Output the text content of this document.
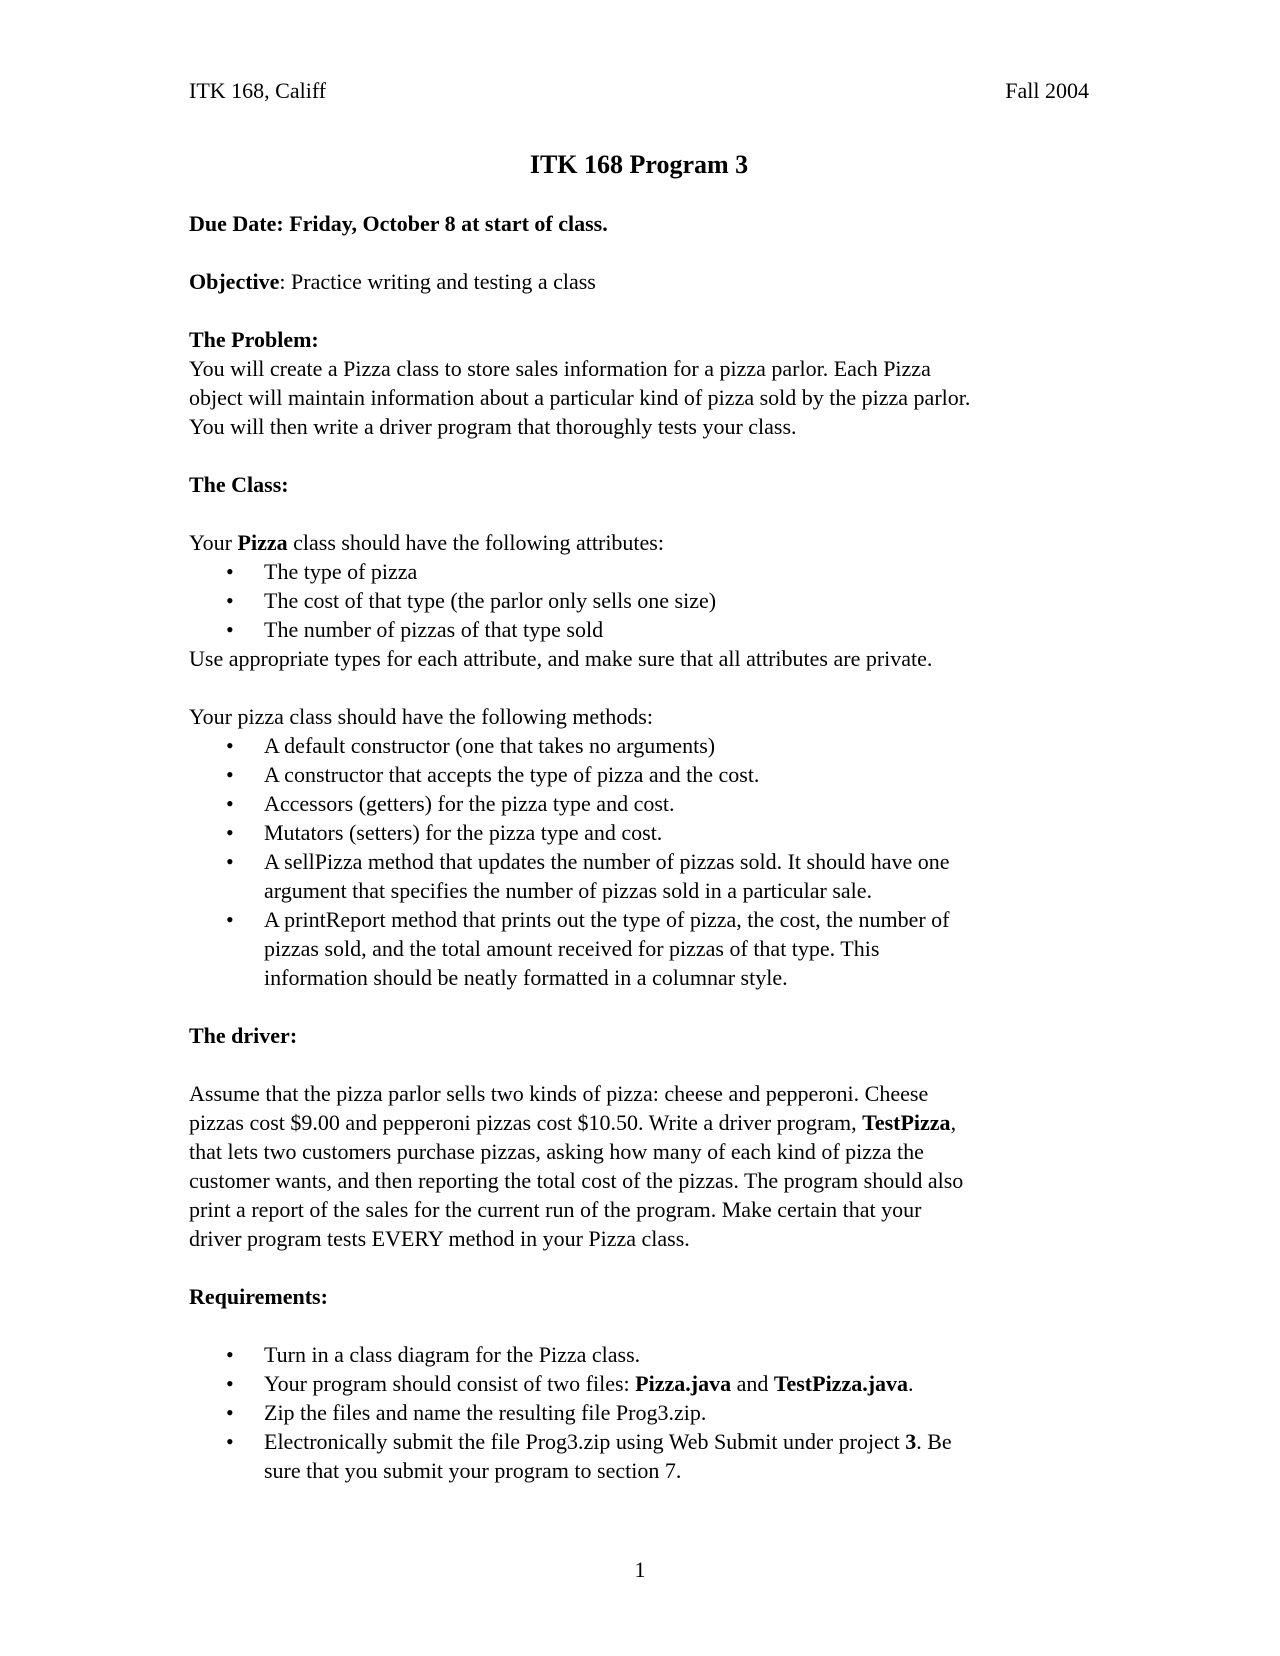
ITK 168, Califf	Fall 2004
ITK 168 Program 3

Due Date: Friday, October 8 at start of class.

Objective: Practice writing and testing a class

The Problem:

You will create a Pizza class to store sales information for a pizza parlor. Each Pizza

object will maintain information about a particular kind of pizza sold by the pizza parlor.

You will then write a driver program that thoroughly tests your class.

The Class:

Your Pizza class should have the following attributes:

• The type of pizza
• The cost of that type (the parlor only sells one size)
• The number of pizzas of that type sold

Use appropriate types for each attribute, and make sure that all attributes are private.

Your pizza class should have the following methods:

• A default constructor (one that takes no arguments)
• A constructor that accepts the type of pizza and the cost.
• Accessors (getters) for the pizza type and cost.
• Mutators (setters) for the pizza type and cost.
• A sellPizza method that updates the number of pizzas sold. It should have one
argument that specifies the number of pizzas sold in a particular sale.
• A printReport method that prints out the type of pizza, the cost, the number of
pizzas sold, and the total amount received for pizzas of that type. This
information should be neatly formatted in a columnar style.

The driver:

Assume that the pizza parlor sells two kinds of pizza: cheese and pepperoni. Cheese

pizzas cost $9.00 and pepperoni pizzas cost $10.50. Write a driver program, TestPizza,

that lets two customers purchase pizzas, asking how many of each kind of pizza the

customer wants, and then reporting the total cost of the pizzas. The program should also

print a report of the sales for the current run of the program. Make certain that your

driver program tests EVERY method in your Pizza class.

Requirements:

• Turn in a class diagram for the Pizza class.
• Your program should consist of two files: Pizza.java and TestPizza.java.
• Zip the files and name the resulting file Prog3.zip.
• Electronically submit the file Prog3.zip using Web Submit under project 3. Be
sure that you submit your program to section 7.
1
